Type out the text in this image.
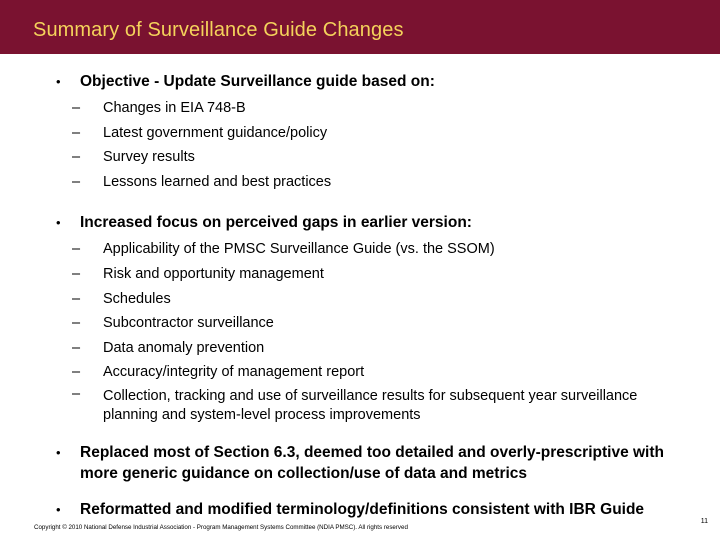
Summary of Surveillance Guide Changes
• Objective - Update Surveillance guide based on:
– Changes in EIA 748-B
– Latest government guidance/policy
– Survey results
– Lessons learned and best practices
• Increased focus on perceived gaps in earlier version:
– Applicability of the PMSC Surveillance Guide (vs. the SSOM)
– Risk and opportunity management
– Schedules
– Subcontractor surveillance
– Data anomaly prevention
– Accuracy/integrity of management report
– Collection, tracking and use of surveillance results for subsequent year surveillance planning and system-level process improvements
• Replaced most of Section 6.3, deemed too detailed and overly-prescriptive with more generic guidance on collection/use of data and metrics
• Reformatted and modified terminology/definitions consistent with IBR Guide
Copyright © 2010 National Defense Industrial Association - Program Management Systems Committee (NDIA PMSC). All rights reserved
11
